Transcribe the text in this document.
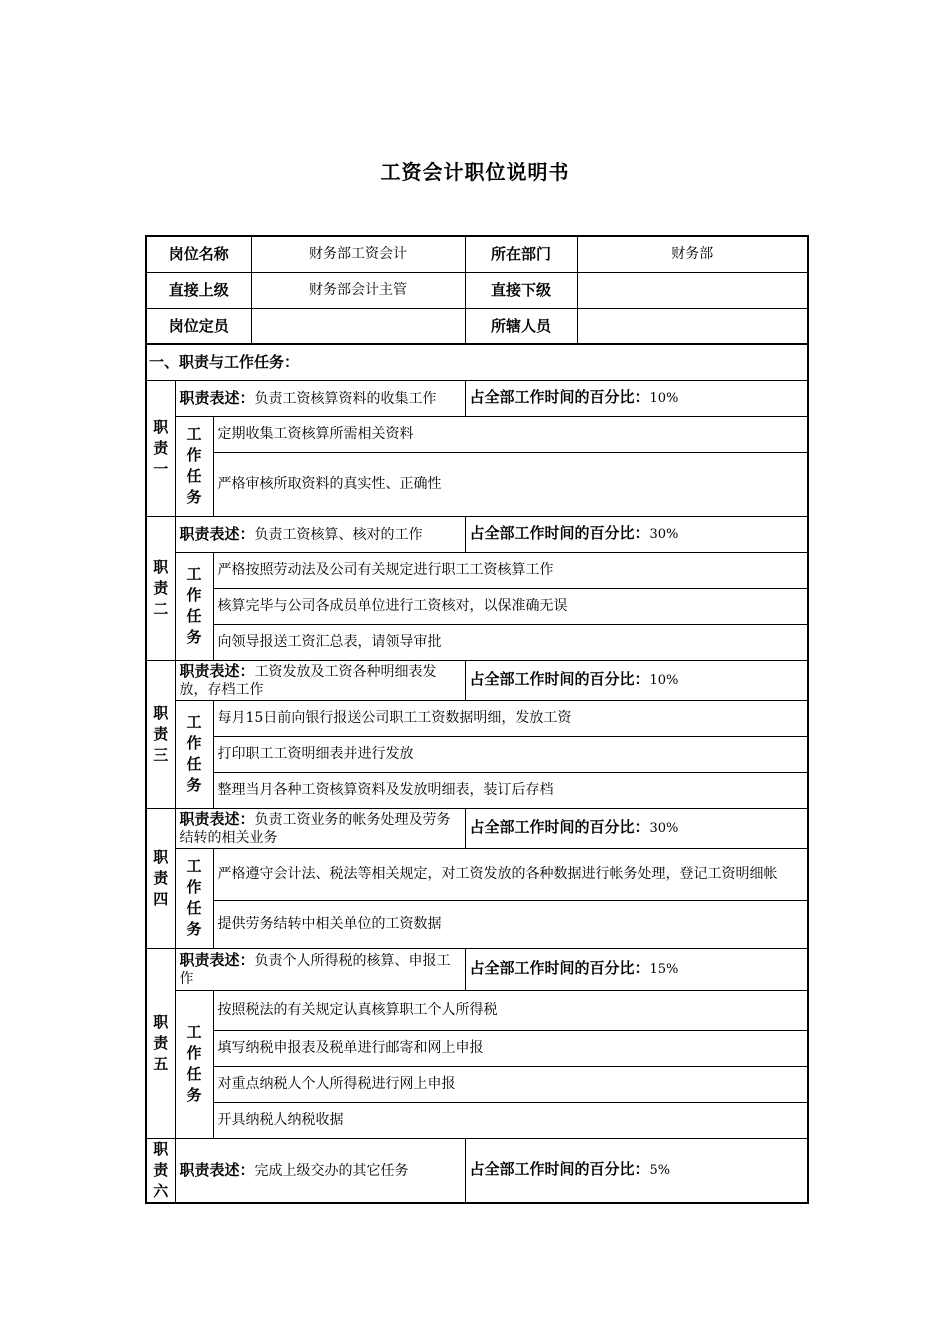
工资会计职位说明书
岗位名称			财务部工资会计	所在部门	财务部
直接上级			财务部会计主管	直接下级	
岗位定员				所辖人员	
一、职责与工作任务：					

职
责
一	职责表述：负责工资核算资料的收集工作			占全部工作时间的百分比：10%	

	工
作
任
务	定期收集工资核算所需相关资料			
		严格审核所取资料的真实性、正确性			

职
责
二	职责表述：负责工资核算、核对的工作			占全部工作时间的百分比：30%	

	工
作
任
务	严格按照劳动法及公司有关规定进行职工工资核算工作			
		核算完毕与公司各成员单位进行工资核对，以保准确无误			
		向领导报送工资汇总表，请领导审批			

职
责
三	职责表述：工资发放及工资各种明细表发放，存档工作			占全部工作时间的百分比：10%	

	工
作
任
务	每月15日前向银行报送公司职工工资数据明细，发放工资			
		打印职工工资明细表并进行发放			
		整理当月各种工资核算资料及发放明细表，装订后存档			

职
责
四	职责表述：负责工资业务的帐务处理及劳务结转的相关业务			占全部工作时间的百分比：30%	

	工
作
任
务	严格遵守会计法、税法等相关规定，对工资发放的各种数据进行帐务处理，登记工资明细帐			
		提供劳务结转中相关单位的工资数据			

职
责
五	职责表述：负责个人所得税的核算、申报工作			占全部工作时间的百分比：15%	

	工
作
任
务	按照税法的有关规定认真核算职工个人所得税			
		填写纳税申报表及税单进行邮寄和网上申报			
		对重点纳税人个人所得税进行网上申报			
		开具纳税人纳税收据			

职
责
六	职责表述：完成上级交办的其它任务			占全部工作时间的百分比：5%	
